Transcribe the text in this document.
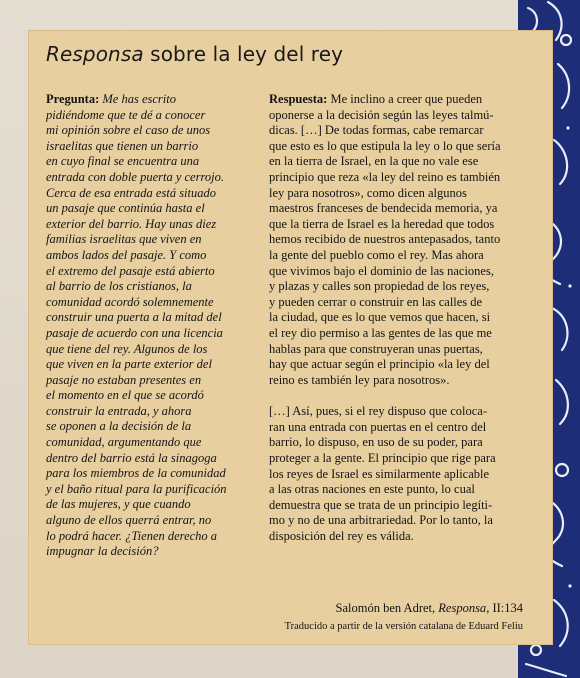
Responsa sobre la ley del rey

Pregunta: Me has escrito
pidiéndome que te dé a conocer
mi opinión sobre el caso de unos
israelitas que tienen un barrio
en cuyo final se encuentra una
entrada con doble puerta y cerrojo.
Cerca de esa entrada está situado
un pasaje que continúa hasta el
exterior del barrio. Hay unas diez
familias israelitas que viven en
ambos lados del pasaje. Y como
el extremo del pasaje está abierto
al barrio de los cristianos, la
comunidad acordó solemnemente
construir una puerta a la mitad del
pasaje de acuerdo con una licencia
que tiene del rey. Algunos de los
que viven en la parte exterior del
pasaje no estaban presentes en
el momento en el que se acordó
construir la entrada, y ahora
se oponen a la decisión de la
comunidad, argumentando que
dentro del barrio está la sinagoga
para los miembros de la comunidad
y el baño ritual para la purificación
de las mujeres, y que cuando
alguno de ellos querrá entrar, no
lo podrá hacer. ¿Tienen derecho a
impugnar la decisión?

Respuesta: Me inclino a creer que pueden
oponerse a la decisión según las leyes talmú-
dicas. […] De todas formas, cabe remarcar
que esto es lo que estipula la ley o lo que sería
en la tierra de Israel, en la que no vale ese
principio que reza «la ley del reino es también
ley para nosotros», como dicen algunos
maestros franceses de bendecida memoria, ya
que la tierra de Israel es la heredad que todos
hemos recibido de nuestros antepasados, tanto
la gente del pueblo como el rey. Mas ahora
que vivimos bajo el dominio de las naciones,
y plazas y calles son propiedad de los reyes,
y pueden cerrar o construir en las calles de
la ciudad, que es lo que vemos que hacen, si
el rey dio permiso a las gentes de las que me
hablas para que construyeran unas puertas,
hay que actuar según el principio «la ley del
reino es también ley para nosotros».

[…] Así, pues, si el rey dispuso que coloca-
ran una entrada con puertas en el centro del
barrio, lo dispuso, en uso de su poder, para
proteger a la gente. El principio que rige para
los reyes de Israel es similarmente aplicable
a las otras naciones en este punto, lo cual
demuestra que se trata de un principio legíti-
mo y no de una arbitrariedad. Por lo tanto, la
disposición del rey es válida.

Salomón ben Adret, Responsa, II:134
Traducido a partir de la versión catalana de Eduard Feliu
